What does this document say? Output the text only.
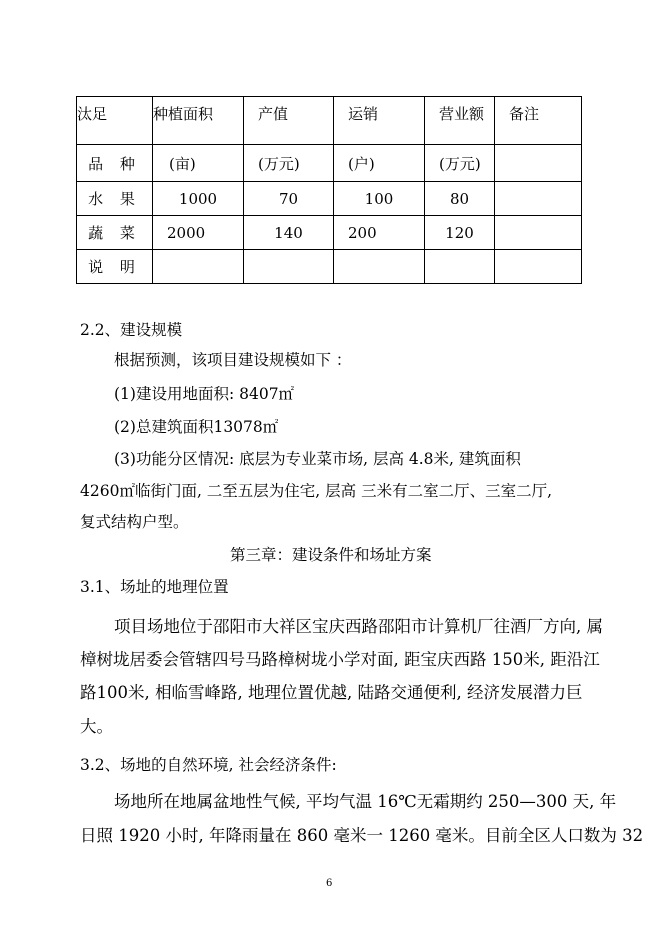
汰足	种植面积	产值	运销	营业额	备注
品 种	(亩)	(万元)	(户)	(万元)	
水 果	1000	70	100	80	
蔬 菜	2000	140	200	120	
说 明					
2.2、建设规模
根据预测，该项目建设规模如下 ：
(1)建设用地面积: 8407㎡
(2)总建筑面积13078㎡
(3)功能分区情况: 底层为专业菜市场, 层高 4.8米, 建筑面积
4260㎡临街门面, 二至五层为住宅, 层高 三米有二室二厅、三室二厅,
复式结构户型。
第三章：建设条件和场址方案
3.1、场址的地理位置
项目场地位于邵阳市大祥区宝庆西路邵阳市计算机厂往酒厂方向, 属
樟树垅居委会管辖四号马路樟树垅小学对面, 距宝庆西路 150米, 距沿江
路100米, 相临雪峰路, 地理位置优越, 陆路交通便利, 经济发展潜力巨
大。
3.2、场地的自然环境, 社会经济条件:
场地所在地属盆地性气候, 平均气温 16℃无霜期约 250—300 天, 年
日照 1920 小时, 年降雨量在 860 毫米一 1260 毫米。目前全区人口数为 32
6
